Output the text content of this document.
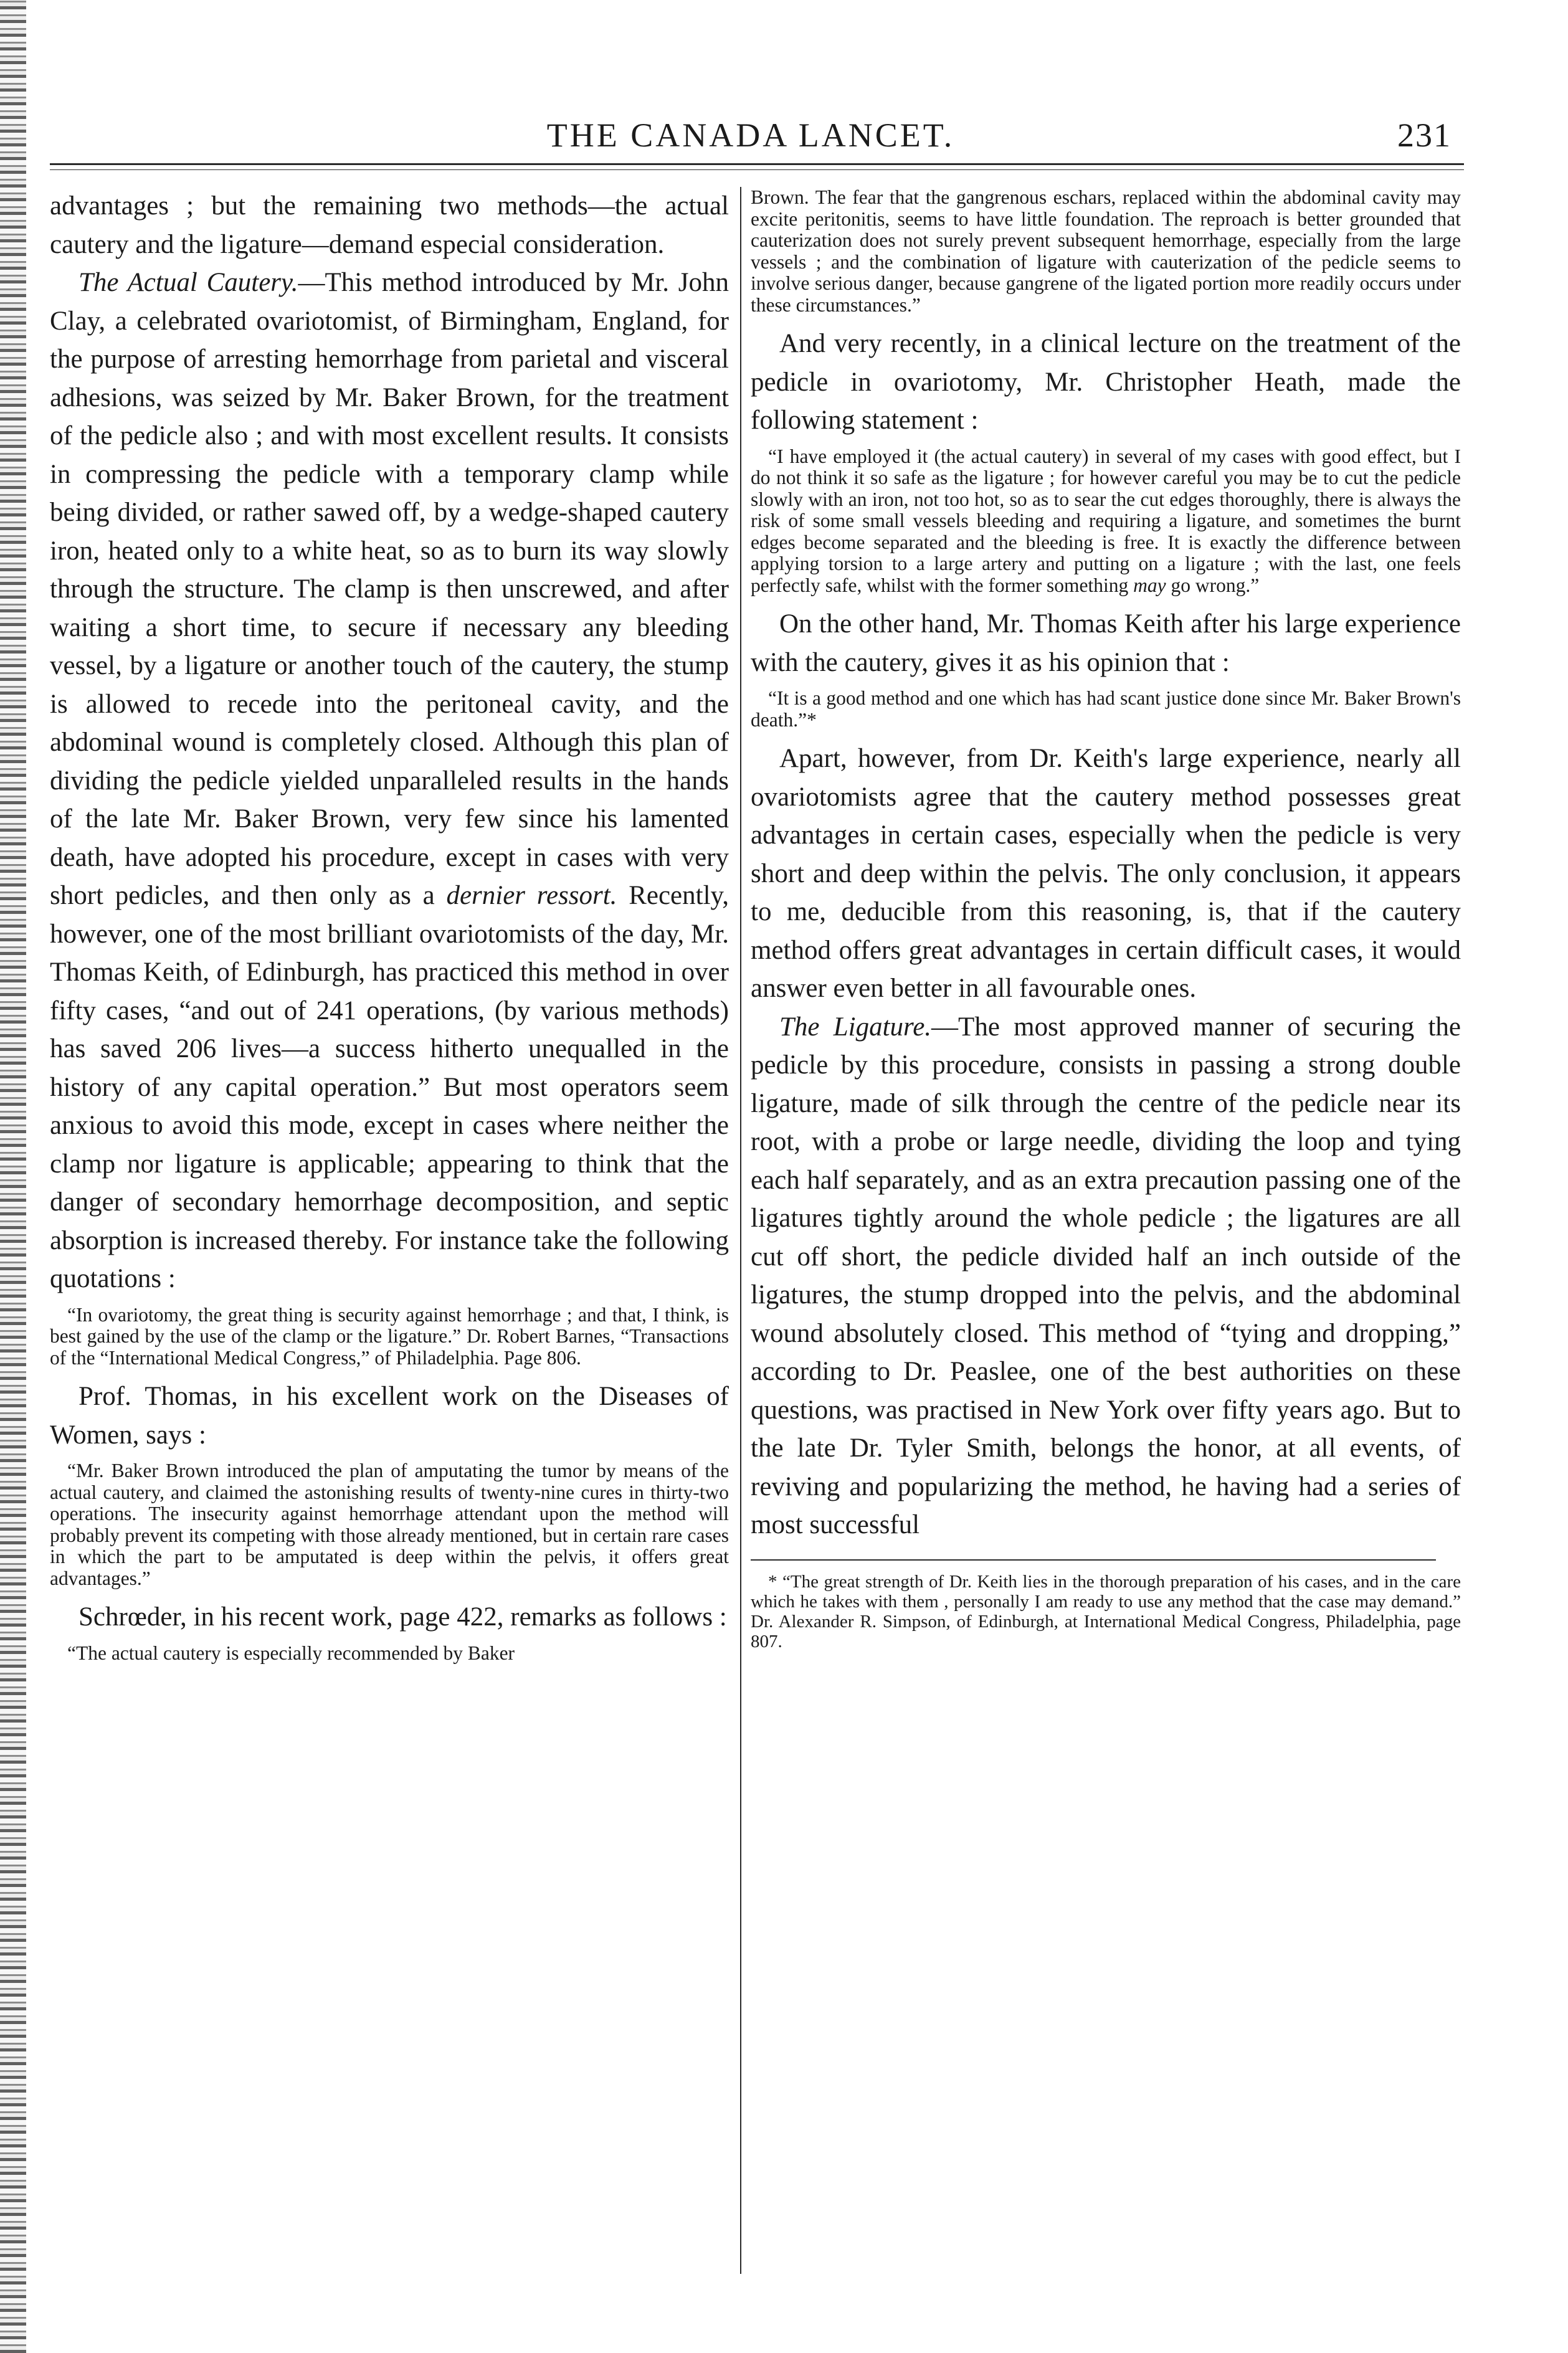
THE CANADA LANCET.	231

advantages ; but the remaining two methods—the actual cautery and the ligature—demand especial consideration.

The Actual Cautery.—This method introduced by Mr. John Clay, a celebrated ovariotomist, of Birmingham, England, for the purpose of arresting hemorrhage from parietal and visceral adhesions, was seized by Mr. Baker Brown, for the treatment of the pedicle also ; and with most excellent results. It consists in compressing the pedicle with a temporary clamp while being divided, or rather sawed off, by a wedge-shaped cautery iron, heated only to a white heat, so as to burn its way slowly through the structure. The clamp is then unscrewed, and after waiting a short time, to secure if necessary any bleeding vessel, by a ligature or another touch of the cautery, the stump is allowed to recede into the peritoneal cavity, and the abdominal wound is completely closed. Although this plan of dividing the pedicle yielded unparalleled results in the hands of the late Mr. Baker Brown, very few since his lamented death, have adopted his procedure, except in cases with very short pedicles, and then only as a dernier ressort. Recently, however, one of the most brilliant ovariotomists of the day, Mr. Thomas Keith, of Edinburgh, has practiced this method in over fifty cases, “and out of 241 operations, (by various methods) has saved 206 lives—a success hitherto unequalled in the history of any capital operation.” But most operators seem anxious to avoid this mode, except in cases where neither the clamp nor ligature is applicable; appearing to think that the danger of secondary hemorrhage decomposition, and septic absorption is increased thereby. For instance take the following quotations :

“In ovariotomy, the great thing is security against hemorrhage ; and that, I think, is best gained by the use of the clamp or the ligature.” Dr. Robert Barnes, “Transactions of the “International Medical Congress,” of Philadelphia. Page 806.

Prof. Thomas, in his excellent work on the Diseases of Women, says :

“Mr. Baker Brown introduced the plan of amputating the tumor by means of the actual cautery, and claimed the astonishing results of twenty-nine cures in thirty-two operations. The insecurity against hemorrhage attendant upon the method will probably prevent its competing with those already mentioned, but in certain rare cases in which the part to be amputated is deep within the pelvis, it offers great advantages.”

Schrœder, in his recent work, page 422, remarks as follows :

“The actual cautery is especially recommended by Baker

Brown. The fear that the gangrenous eschars, replaced within the abdominal cavity may excite peritonitis, seems to have little foundation. The reproach is better grounded that cauterization does not surely prevent subsequent hemorrhage, especially from the large vessels ; and the combination of ligature with cauterization of the pedicle seems to involve serious danger, because gangrene of the ligated portion more readily occurs under these circumstances.”

And very recently, in a clinical lecture on the treatment of the pedicle in ovariotomy, Mr. Christopher Heath, made the following statement :

“I have employed it (the actual cautery) in several of my cases with good effect, but I do not think it so safe as the ligature ; for however careful you may be to cut the pedicle slowly with an iron, not too hot, so as to sear the cut edges thoroughly, there is always the risk of some small vessels bleeding and requiring a ligature, and sometimes the burnt edges become separated and the bleeding is free. It is exactly the difference between applying torsion to a large artery and putting on a ligature ; with the last, one feels perfectly safe, whilst with the former something may go wrong.”

On the other hand, Mr. Thomas Keith after his large experience with the cautery, gives it as his opinion that :

“It is a good method and one which has had scant justice done since Mr. Baker Brown's death.”*

Apart, however, from Dr. Keith's large experience, nearly all ovariotomists agree that the cautery method possesses great advantages in certain cases, especially when the pedicle is very short and deep within the pelvis. The only conclusion, it appears to me, deducible from this reasoning, is, that if the cautery method offers great advantages in certain difficult cases, it would answer even better in all favourable ones.

The Ligature.—The most approved manner of securing the pedicle by this procedure, consists in passing a strong double ligature, made of silk through the centre of the pedicle near its root, with a probe or large needle, dividing the loop and tying each half separately, and as an extra precaution passing one of the ligatures tightly around the whole pedicle ; the ligatures are all cut off short, the pedicle divided half an inch outside of the ligatures, the stump dropped into the pelvis, and the abdominal wound absolutely closed. This method of “tying and dropping,” according to Dr. Peaslee, one of the best authorities on these questions, was practised in New York over fifty years ago. But to the late Dr. Tyler Smith, belongs the honor, at all events, of reviving and popularizing the method, he having had a series of most successful

* “The great strength of Dr. Keith lies in the thorough preparation of his cases, and in the care which he takes with them , personally I am ready to use any method that the case may demand.” Dr. Alexander R. Simpson, of Edinburgh, at International Medical Congress, Philadelphia, page 807.
